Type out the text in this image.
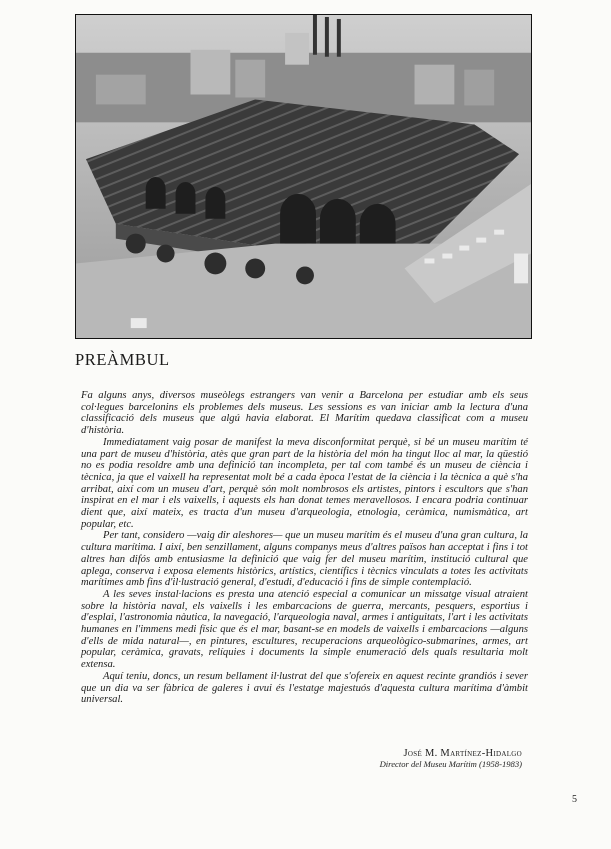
PREÀMBUL

Fa alguns anys, diversos museòlegs estrangers van venir a Barcelona per estudiar amb els seus col·legues barcelonins els problemes dels museus. Les sessions es van iniciar amb la lectura d'una classificació dels museus que algú havia elaborat. El Marítim quedava classificat com a museu d'història.

Immediatament vaig posar de manifest la meva disconformitat perquè, si bé un museu marítim té una part de museu d'història, atès que gran part de la història del món ha tingut lloc al mar, la qüestió no es podia resoldre amb una definició tan incompleta, per tal com també és un museu de ciència i tècnica, ja que el vaixell ha representat molt bé a cada època l'estat de la ciència i la tècnica a què s'ha arribat, així com un museu d'art, perquè són molt nombrosos els artistes, pintors i escultors que s'han inspirat en el mar i els vaixells, i aquests els han donat temes meravellosos. I encara podria continuar dient que, així mateix, es tracta d'un museu d'arqueologia, etnologia, ceràmica, numismàtica, art popular, etc.

Per tant, considero —vaig dir aleshores— que un museu marítim és el museu d'una gran cultura, la cultura marítima. I així, ben senzillament, alguns companys meus d'altres països han acceptat i fins i tot altres han difós amb entusiasme la definició que vaig fer del museu marítim, institució cultural que aplega, conserva i exposa elements històrics, artístics, científics i tècnics vinculats a totes les activitats marítimes amb fins d'il·lustració general, d'estudi, d'educació i fins de simple contemplació.

A les seves instal·lacions es presta una atenció especial a comunicar un missatge visual atraient sobre la història naval, els vaixells i les embarcacions de guerra, mercants, pesquers, esportius i d'esplai, l'astronomia nàutica, la navegació, l'arqueologia naval, armes i antiguitats, l'art i les activitats humanes en l'immens medi físic que és el mar, basant-se en models de vaixells i embarcacions —alguns d'ells de mida natural—, en pintures, escultures, recuperacions arqueològico-submarines, armes, art popular, ceràmica, gravats, relíquies i documents la simple enumeració dels quals resultaria molt extensa.

Aquí teniu, doncs, un resum bellament il·lustrat del que s'ofereix en aquest recinte grandiós i sever que un dia va ser fàbrica de galeres i avui és l'estatge majestuós d'aquesta cultura marítima d'àmbit universal.

José M. Martínez-Hidalgo
Director del Museu Marítim (1958-1983)
5
